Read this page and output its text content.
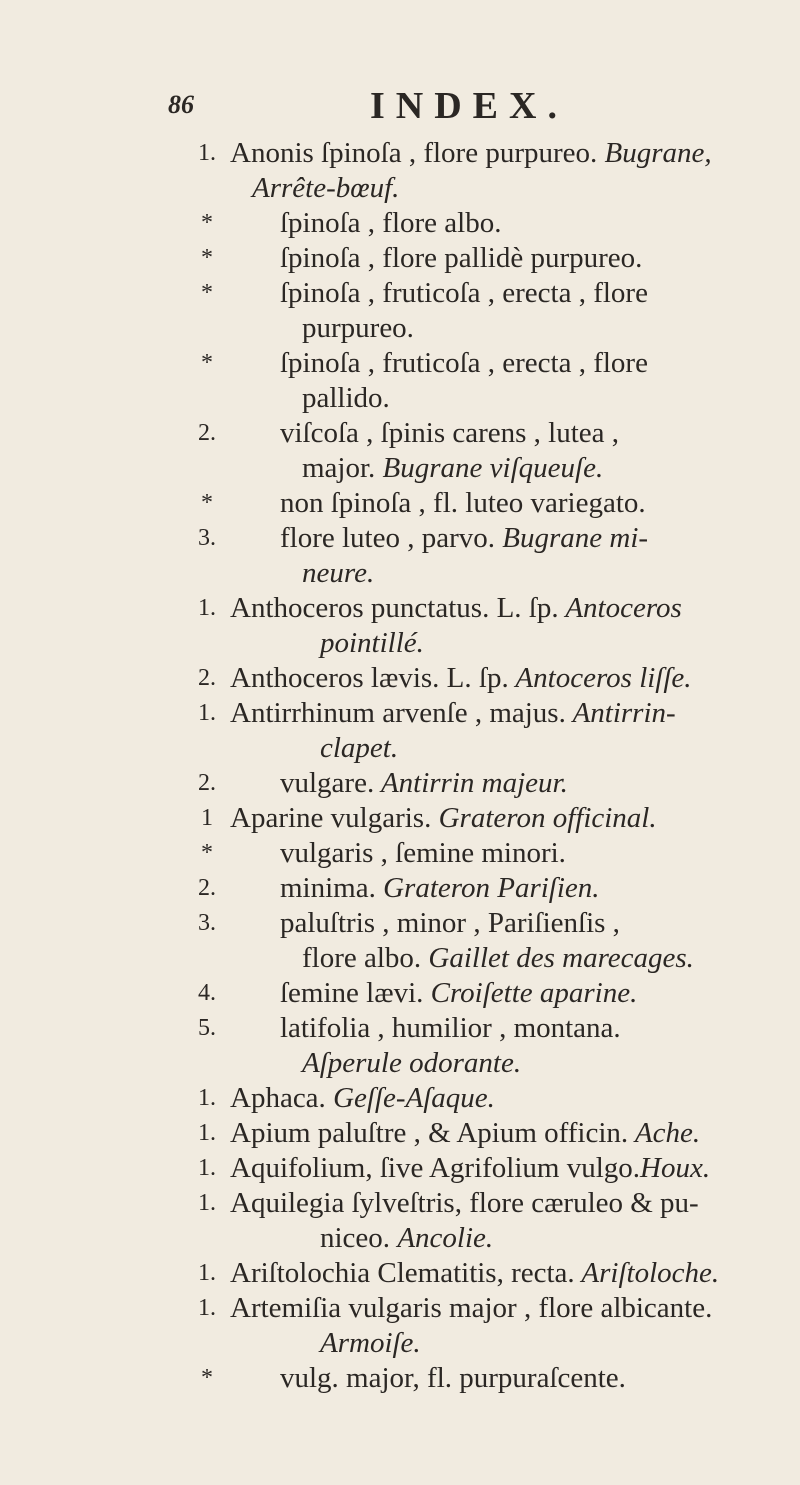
86	INDEX.
1. Anonis ſpinoſa , flore purpureo. Bugrane,
Arrête-bœuf.
*	ſpinoſa , flore albo.
*	ſpinoſa , flore pallidè purpureo.
*	ſpinoſa , fruticoſa , erecta , flore
purpureo.
*	ſpinoſa , fruticoſa , erecta , flore
pallido.
2. viſcoſa , ſpinis carens , lutea ,
major. Bugrane viſqueuſe.
*	non ſpinoſa , fl. luteo variegato.
3. flore luteo , parvo. Bugrane mi-
neure.
1. Anthoceros punctatus. L. ſp. Antoceros
pointillé.
2. Anthoceros lævis. L. ſp. Antoceros liſſe.
1. Antirrhinum arvenſe , majus. Antirrin-
clapet.
2. vulgare. Antirrin majeur.
1 Aparine vulgaris. Grateron officinal.
*	vulgaris , ſemine minori.
2. minima. Grateron Pariſien.
3. paluſtris , minor , Pariſienſis ,
flore albo. Gaillet des marecages.
4. ſemine lævi. Croiſette aparine.
5. latifolia , humilior , montana.
Aſperule odorante.
1. Aphaca. Geſſe-Aſaque.
1. Apium paluſtre , & Apium officin. Ache.
1. Aquifolium, ſive Agrifolium vulgo.Houx.
1. Aquilegia ſylveſtris, flore cæruleo & pu-
niceo. Ancolie.
1. Ariſtolochia Clematitis, recta. Ariſtoloche.
1. Artemiſia vulgaris major , flore albicante.
Armoiſe.
*	vulg. major, fl. purpuraſcente.
